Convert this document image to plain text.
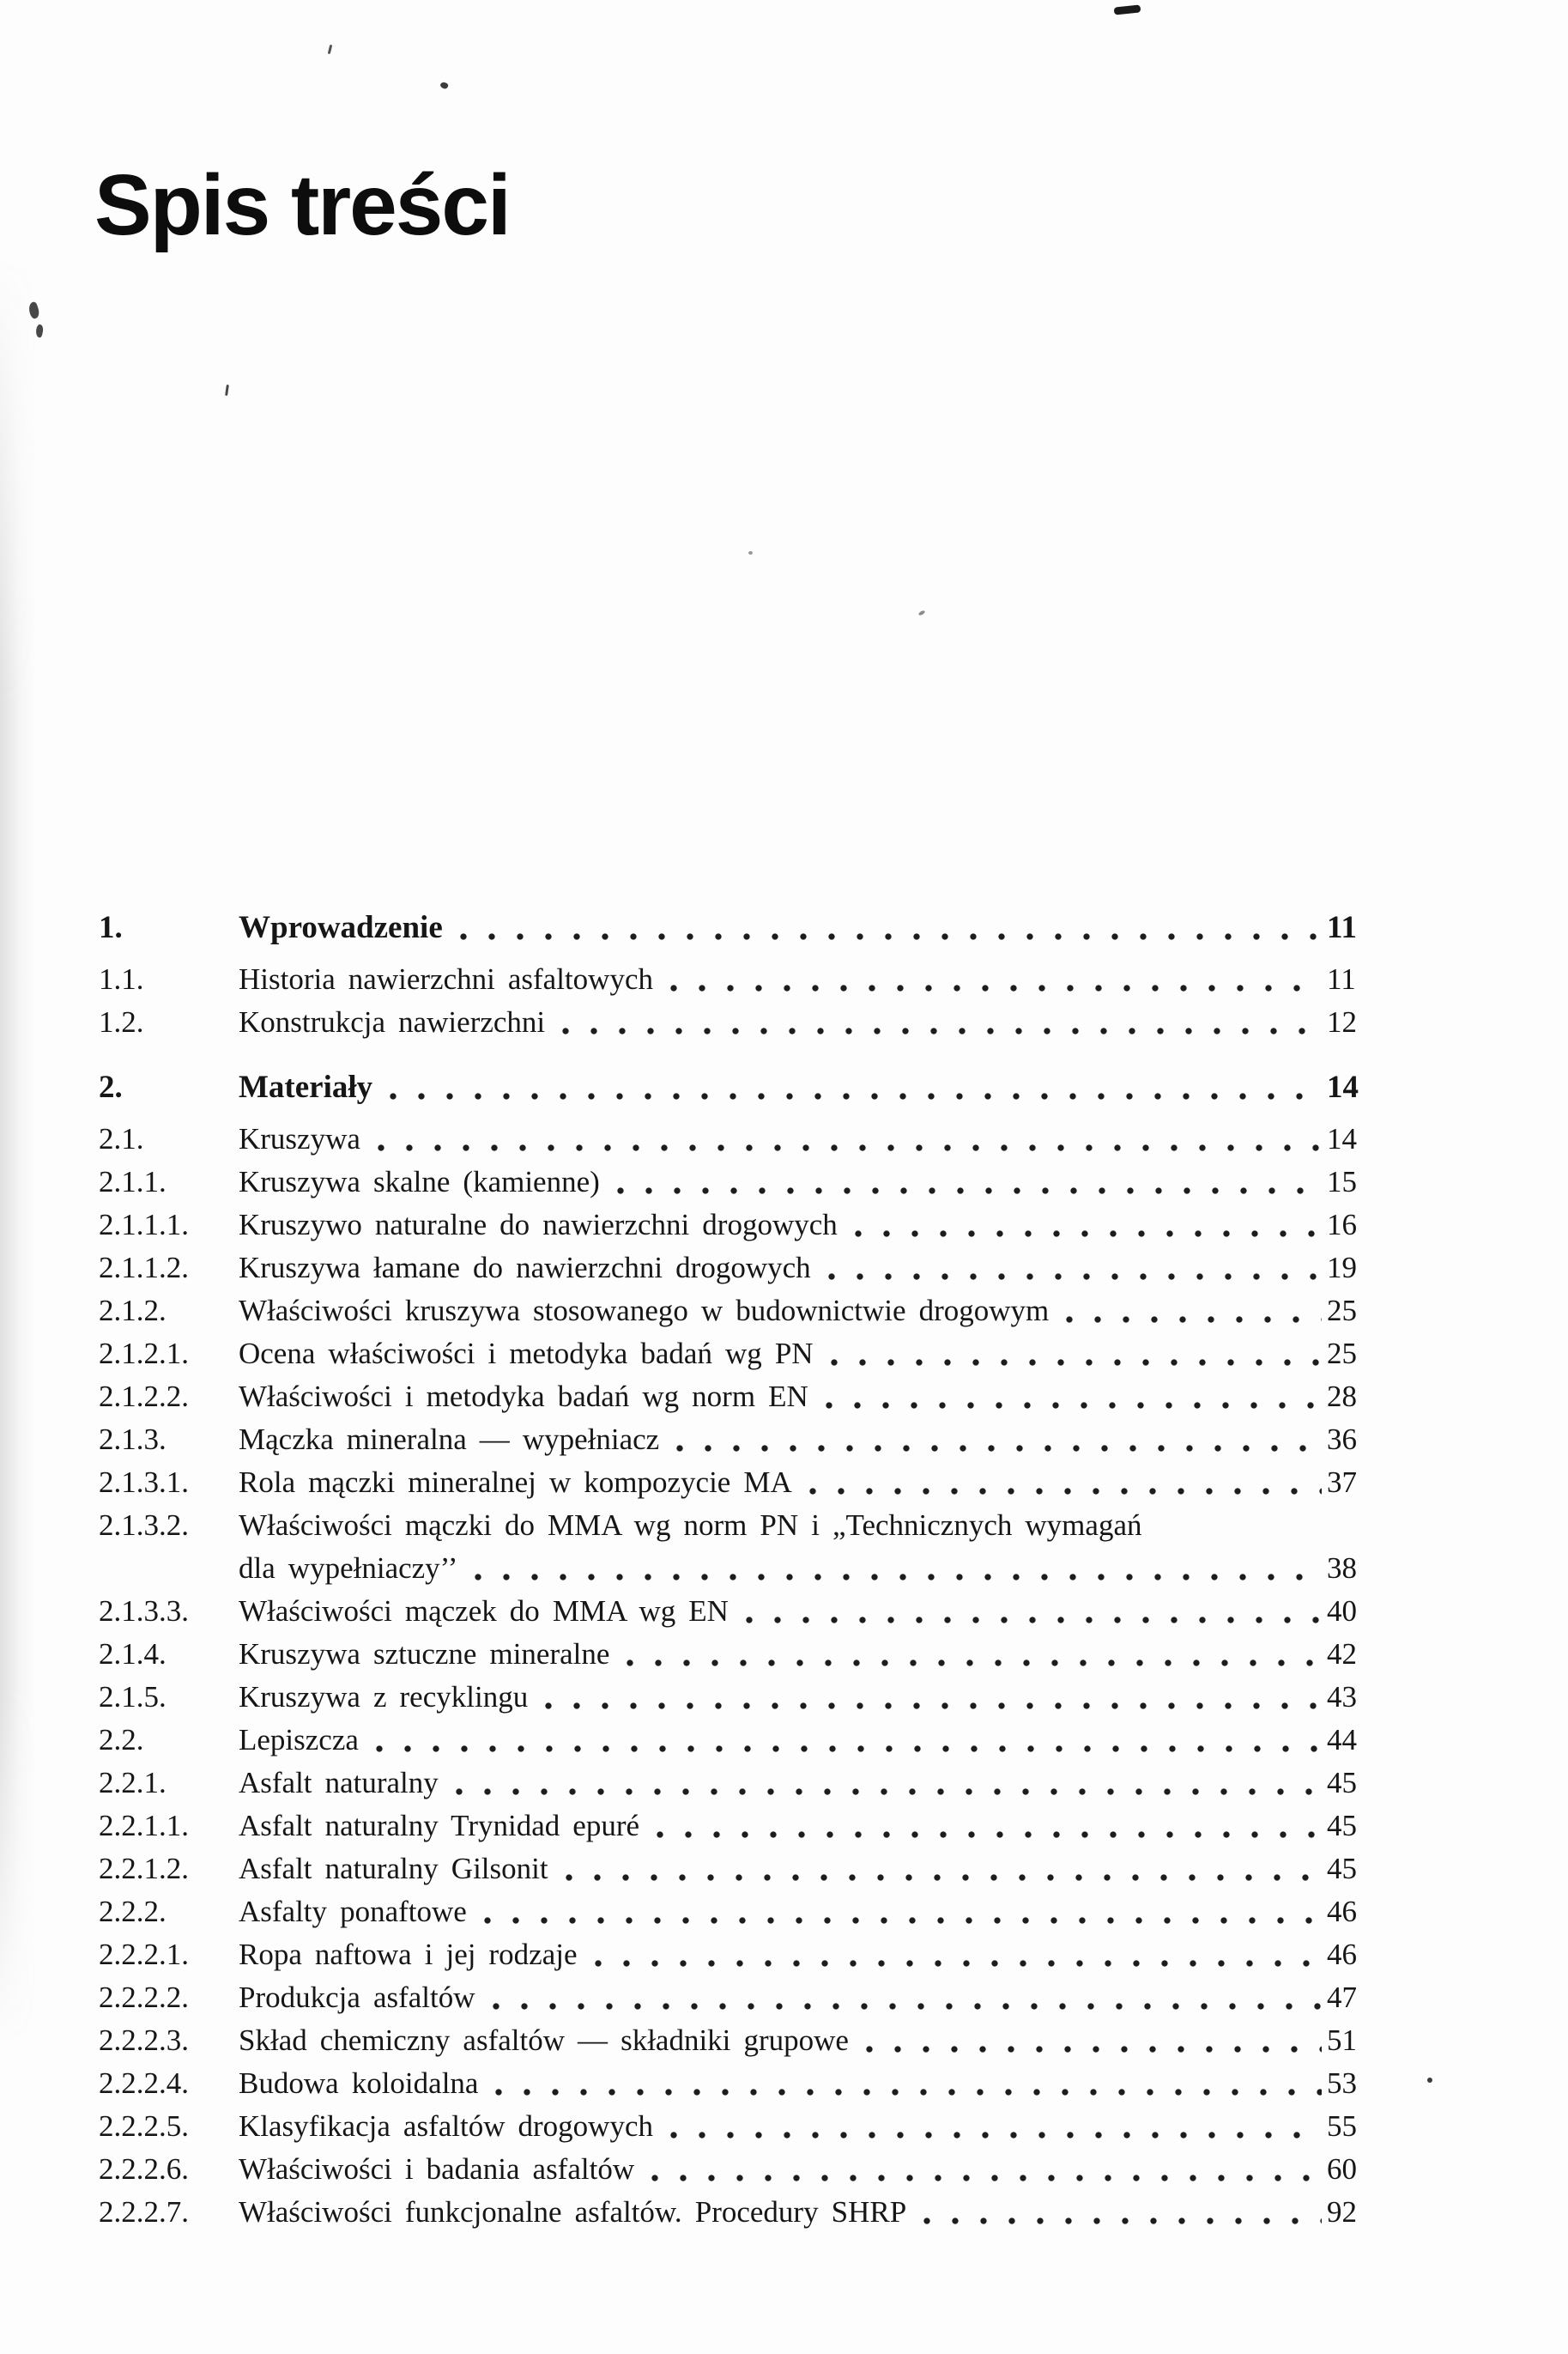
Spis treści
1.	Wprowadzenie	11
1.1.	Historia nawierzchni asfaltowych	11
1.2.	Konstrukcja nawierzchni	12
2.	Materiały	14
2.1.	Kruszywa	14
2.1.1.	Kruszywa skalne (kamienne)	15
2.1.1.1.	Kruszywo naturalne do nawierzchni drogowych	16
2.1.1.2.	Kruszywa łamane do nawierzchni drogowych	19
2.1.2.	Właściwości kruszywa stosowanego w budownictwie drogowym	25
2.1.2.1.	Ocena właściwości i metodyka badań wg PN	25
2.1.2.2.	Właściwości i metodyka badań wg norm EN	28
2.1.3.	Mączka mineralna — wypełniacz	36
2.1.3.1.	Rola mączki mineralnej w kompozycie MA	37
2.1.3.2.	Właściwości mączki do MMA wg norm PN i „Technicznych wymagań
dla wypełniaczy’’	38
2.1.3.3.	Właściwości mączek do MMA wg EN	40
2.1.4.	Kruszywa sztuczne mineralne	42
2.1.5.	Kruszywa z recyklingu	43
2.2.	Lepiszcza	44
2.2.1.	Asfalt naturalny	45
2.2.1.1.	Asfalt naturalny Trynidad epuré	45
2.2.1.2.	Asfalt naturalny Gilsonit	45
2.2.2.	Asfalty ponaftowe	46
2.2.2.1.	Ropa naftowa i jej rodzaje	46
2.2.2.2.	Produkcja asfaltów	47
2.2.2.3.	Skład chemiczny asfaltów — składniki grupowe	51
2.2.2.4.	Budowa koloidalna	53
2.2.2.5.	Klasyfikacja asfaltów drogowych	55
2.2.2.6.	Właściwości i badania asfaltów	60
2.2.2.7.	Właściwości funkcjonalne asfaltów. Procedury SHRP	92
